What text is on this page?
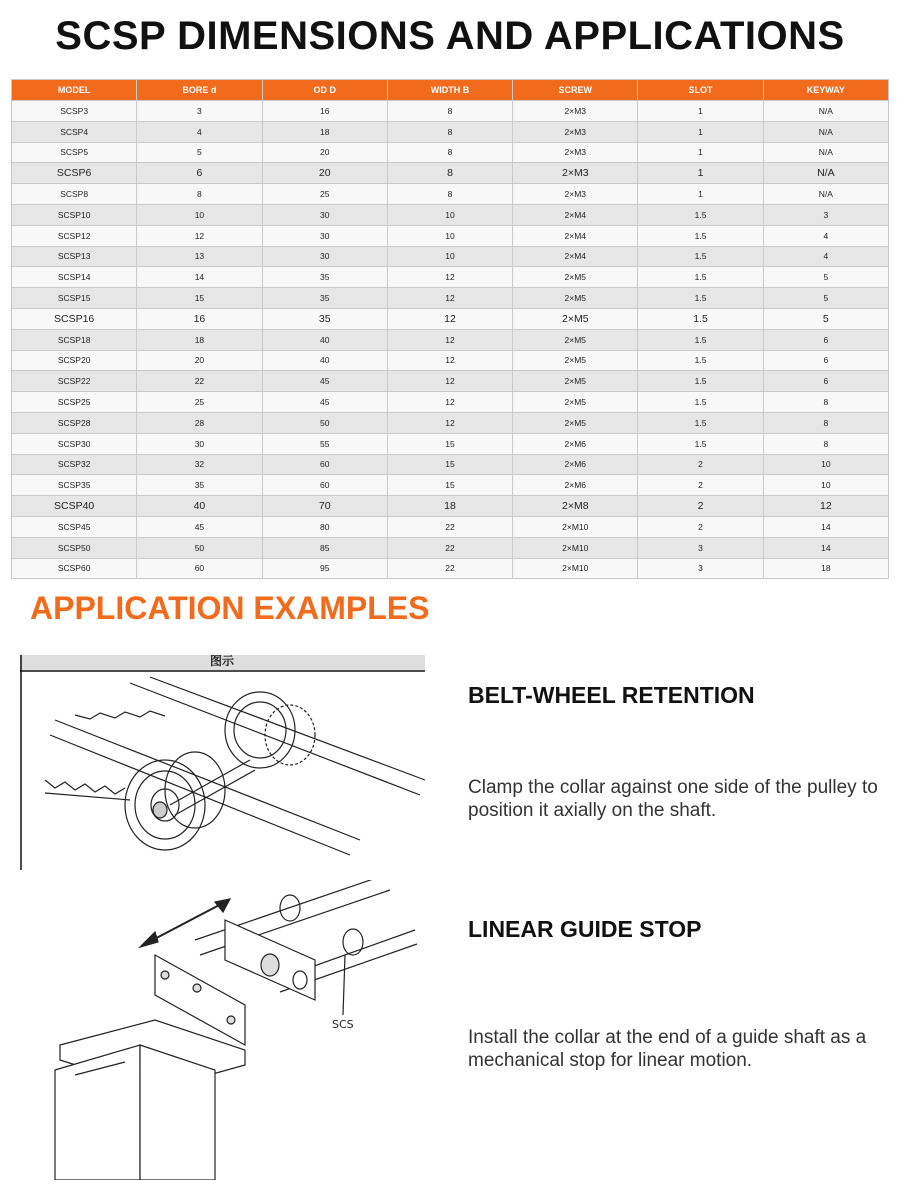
SCSP DIMENSIONS AND APPLICATIONS
MODEL	BORE d	OD D	WIDTH B	SCREW	SLOT	KEYWAY
SCSP3	3	16	8	2×M3	1	N/A
SCSP4	4	18	8	2×M3	1	N/A
SCSP5	5	20	8	2×M3	1	N/A
SCSP6	6	20	8	2×M3	1	N/A
SCSP8	8	25	8	2×M3	1	N/A
SCSP10	10	30	10	2×M4	1.5	3
SCSP12	12	30	10	2×M4	1.5	4
SCSP13	13	30	10	2×M4	1.5	4
SCSP14	14	35	12	2×M5	1.5	5
SCSP15	15	35	12	2×M5	1.5	5
SCSP16	16	35	12	2×M5	1.5	5
SCSP18	18	40	12	2×M5	1.5	6
SCSP20	20	40	12	2×M5	1.5	6
SCSP22	22	45	12	2×M5	1.5	6
SCSP25	25	45	12	2×M5	1.5	8
SCSP28	28	50	12	2×M5	1.5	8
SCSP30	30	55	15	2×M6	1.5	8
SCSP32	32	60	15	2×M6	2	10
SCSP35	35	60	15	2×M6	2	10
SCSP40	40	70	18	2×M8	2	12
SCSP45	45	80	22	2×M10	2	14
SCSP50	50	85	22	2×M10	3	14
SCSP60	60	95	22	2×M10	3	18
APPLICATION EXAMPLES
图示
SCS
BELT-WHEEL RETENTION
Clamp the collar against one side of the pulley to position it axially on the shaft.
LINEAR GUIDE STOP
Install the collar at the end of a guide shaft as a mechanical stop for linear motion.
